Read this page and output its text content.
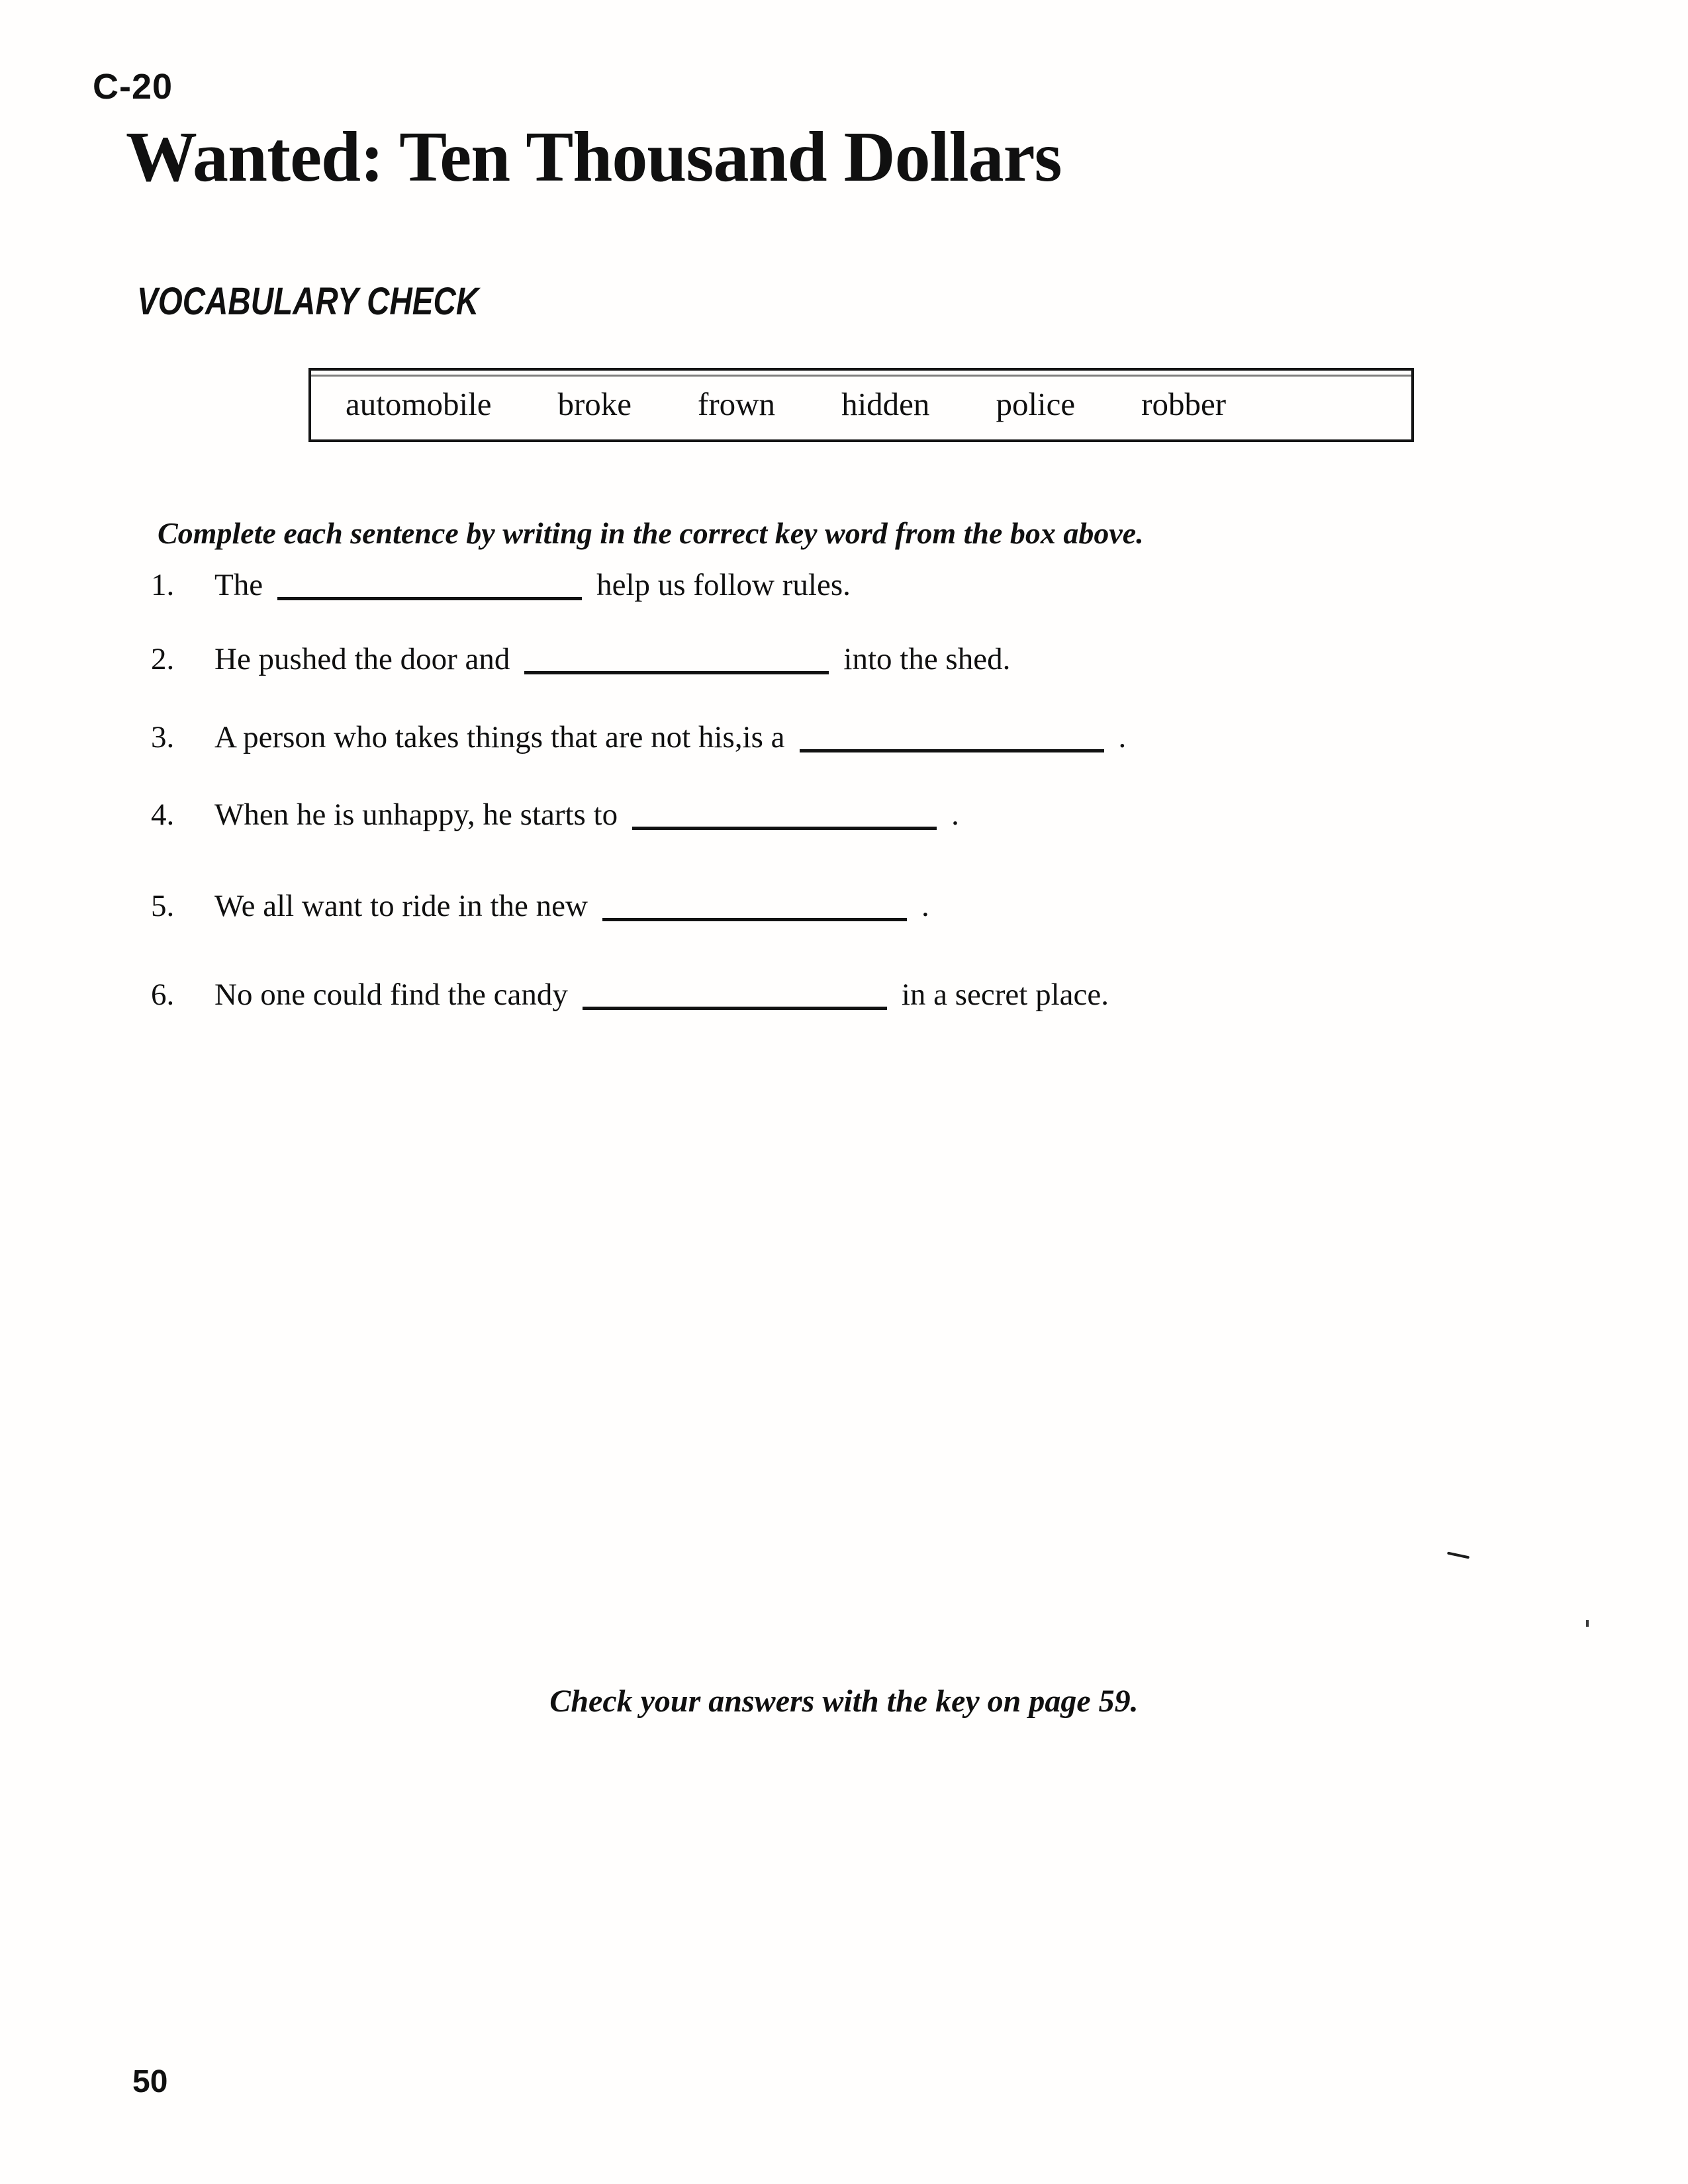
C-20
Wanted: Ten Thousand Dollars
VOCABULARY CHECK
automobile broke frown hidden police robber
Complete each sentence by writing in the correct key word from the box above.
1. The	help us follow rules.
2. He pushed the door and	into the shed.
3. A person who takes things that are not his,is a	.
4. When he is unhappy, he starts to	.
5. We all want to ride in the new	.
6. No one could find the candy	in a secret place.
Check your answers with the key on page 59.
50
